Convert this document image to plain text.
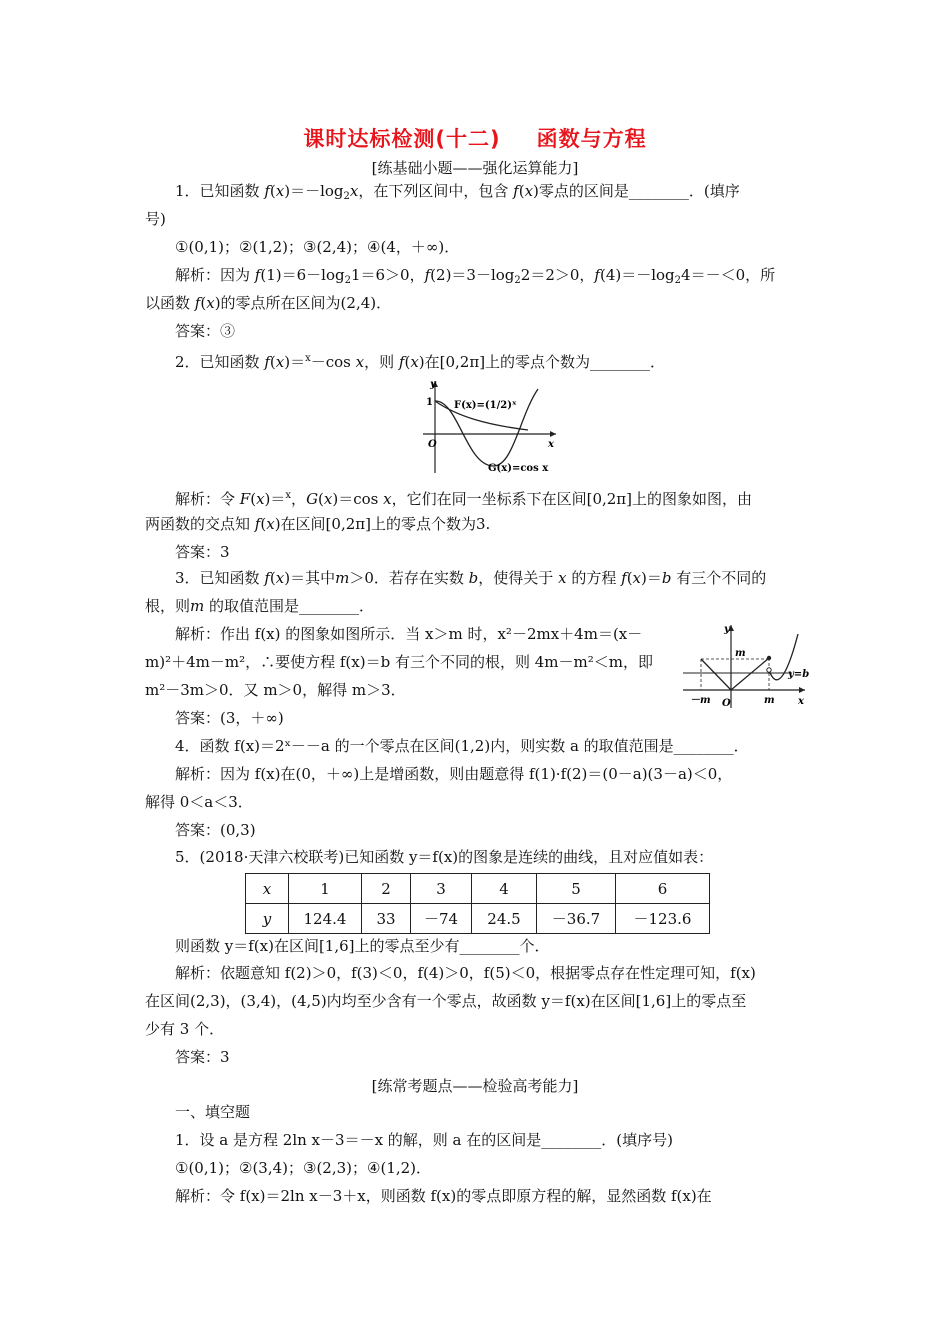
课时达标检测(十二) 函数与方程
[练基础小题——强化运算能力]
1．已知函数 $f(x)=-\log_2x$，在下列区间中，包含 f(x)零点的区间是________．(填序
号)
①(0,1)；②(1,2)；③(2,4)；④(4，＋∞)．
解析：因为 $f(1)=6-\log_21=6>0$，$f(2)=3-\log_22=2>0$，$f(4)=-\log_24=-<0$，所
以函数 f(x)的零点所在区间为(2,4)．
答案：③
2．已知函数 f(x)＝$^x$－cos x，则 f(x)在[0,2π]上的零点个数为________．
y
1
O	x
F(x)=(1/2)ˣ
G(x)=cos x
解析：令 F(x)＝$^x$，G(x)＝cos x，它们在同一坐标系下在区间[0,2π]上的图象如图，由
两函数的交点知 f(x)在区间[0,2π]上的零点个数为3.
答案：3
3．已知函数 f(x)＝其中m＞0．若存在实数 b，使得关于 x 的方程 f(x)＝b 有三个不同的
根，则m 的取值范围是________．
解析：作出 f(x) 的图象如图所示．当 x＞m 时，x²－2mx＋4m＝(x－
m)²＋4m－m²，∴要使方程 f(x)＝b 有三个不同的根，则 4m－m²＜m，即
m²－3m＞0．又 m＞0，解得 m＞3．
答案：(3，＋∞)
y
m
y=b
－m O	m x
4．函数 f(x)＝2ˣ－－a 的一个零点在区间(1,2)内，则实数 a 的取值范围是________．
解析：因为 f(x)在(0，＋∞)上是增函数，则由题意得 f(1)·f(2)＝(0－a)(3－a)＜0，
解得 0＜a＜3．
答案：(0,3)
5．(2018·天津六校联考)已知函数 y＝f(x)的图象是连续的曲线，且对应值如表：
x	1	2	3	4	5	6
y	124.4	33	－74	24.5	－36.7	－123.6
则函数 y＝f(x)在区间[1,6]上的零点至少有________个．
解析：依题意知 f(2)＞0，f(3)＜0，f(4)＞0，f(5)＜0，根据零点存在性定理可知，f(x)
在区间(2,3)，(3,4)，(4,5)内均至少含有一个零点，故函数 y＝f(x)在区间[1,6]上的零点至
少有 3 个．
答案：3
[练常考题点——检验高考能力]
一、填空题
1．设 a 是方程 2ln x－3＝－x 的解，则 a 在的区间是________．(填序号)
①(0,1)；②(3,4)；③(2,3)；④(1,2)．
解析：令 f(x)＝2ln x－3＋x，则函数 f(x)的零点即原方程的解，显然函数 f(x)在
